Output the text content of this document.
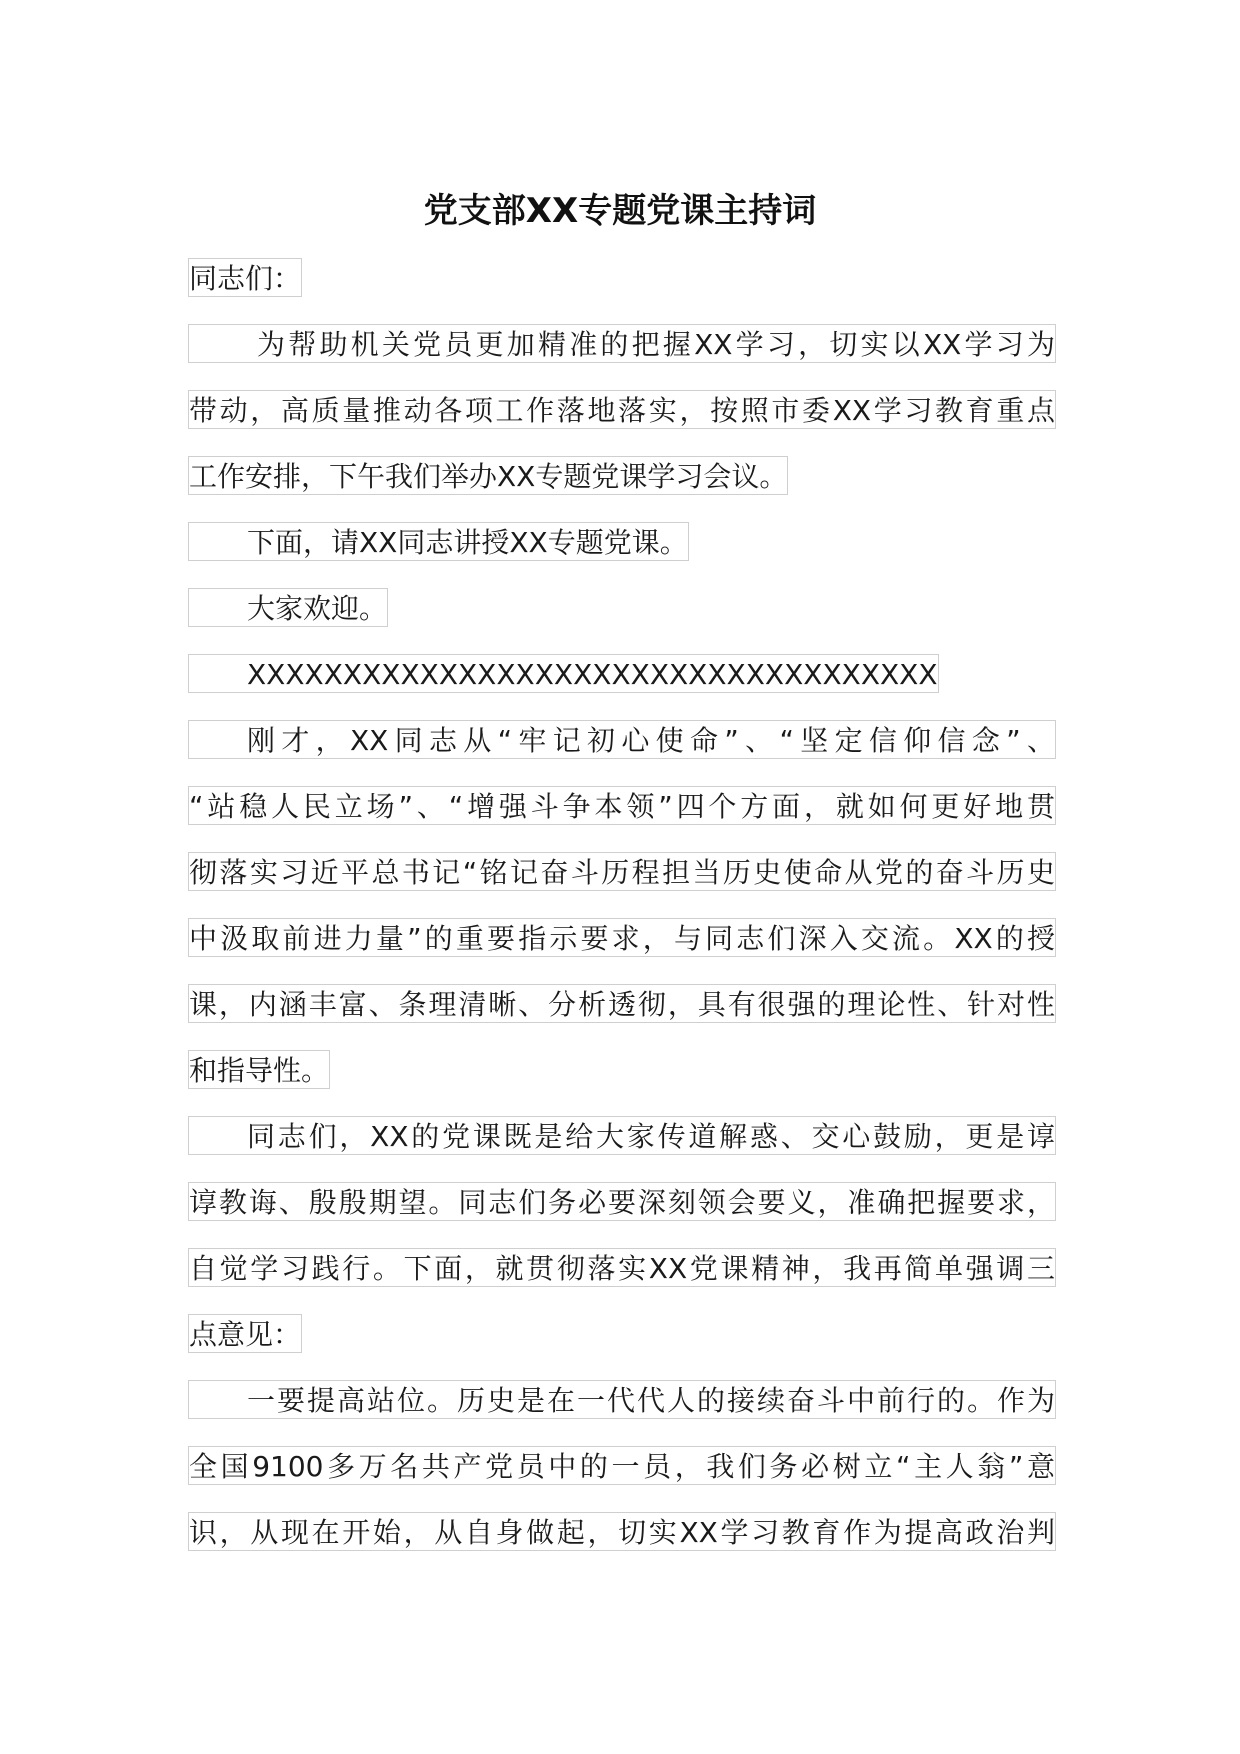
党支部XX专题党课主持词
同志们：
为帮助机关党员更加精准的把握XX学习，切实以XX学习为
带动，高质量推动各项工作落地落实，按照市委XX学习教育重点
工作安排，下午我们举办XX专题党课学习会议。
下面，请XX同志讲授XX专题党课。
大家欢迎。
XXXXXXXXXXXXXXXXXXXXXXXXXXXXXXXXXXXX
刚才，XX同志从“牢记初心使命”、“坚定信仰信念”、
“站稳人民立场”、“增强斗争本领”四个方面，就如何更好地贯
彻落实习近平总书记“铭记奋斗历程担当历史使命从党的奋斗历史
中汲取前进力量”的重要指示要求，与同志们深入交流。XX的授
课，内涵丰富、条理清晰、分析透彻，具有很强的理论性、针对性
和指导性。
同志们，XX的党课既是给大家传道解惑、交心鼓励，更是谆
谆教诲、殷殷期望。同志们务必要深刻领会要义，准确把握要求，
自觉学习践行。下面，就贯彻落实XX党课精神，我再简单强调三
点意见：
一要提高站位。历史是在一代代人的接续奋斗中前行的。作为
全国9100多万名共产党员中的一员，我们务必树立“主人翁”意
识，从现在开始，从自身做起，切实XX学习教育作为提高政治判
